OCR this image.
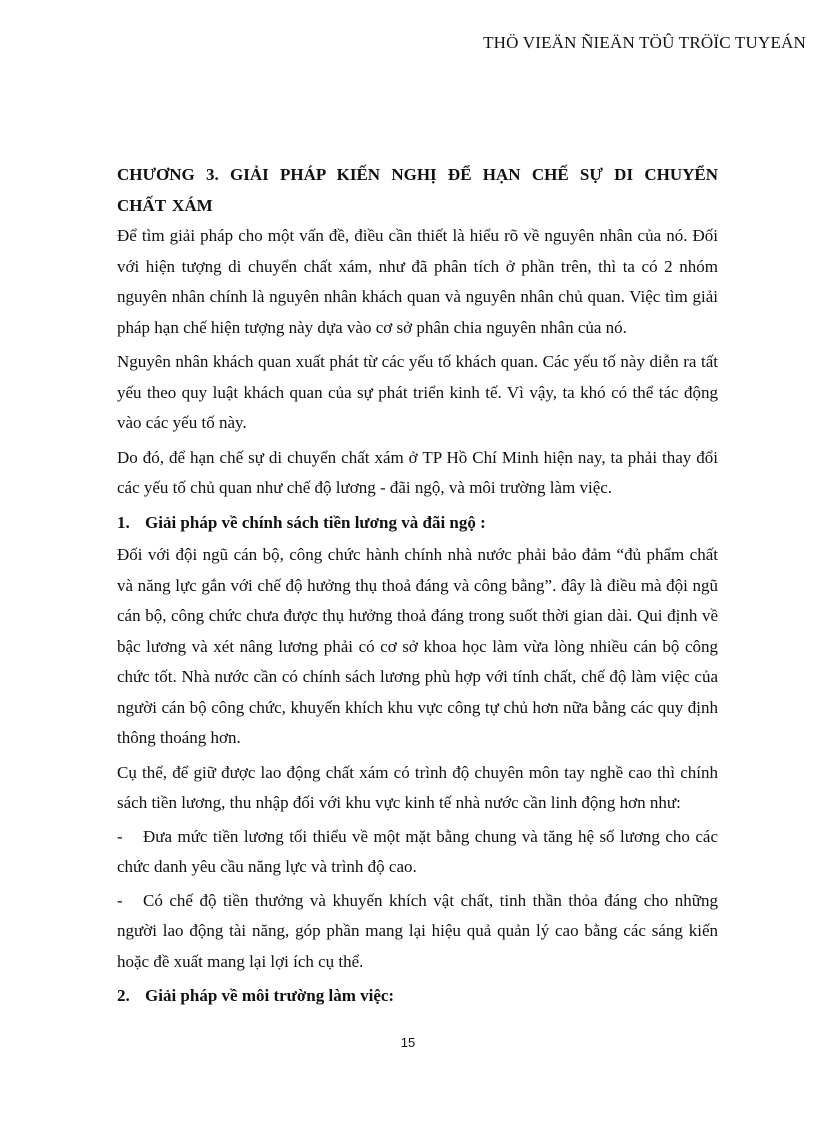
THÖ VIEÄN ÑIEÄN TÖÛ TRÖÏC TUYEÁN

CHƯƠNG 3. GIẢI PHÁP KIẾN NGHỊ ĐỂ HẠN CHẾ SỰ DI CHUYỂN CHẤT XÁM

Để tìm giải pháp cho một vấn đề, điều cần thiết là hiểu rõ về nguyên nhân của nó. Đối với hiện tượng di chuyển chất xám, như đã phân tích ở phần trên, thì ta có 2 nhóm nguyên nhân chính là nguyên nhân khách quan và nguyên nhân chủ quan. Việc tìm giải pháp hạn chế hiện tượng này dựa vào cơ sở phân chia nguyên nhân của nó.

Nguyên nhân khách quan xuất phát từ các yếu tố khách quan. Các yếu tố này diễn ra tất yếu theo quy luật khách quan của sự phát triển kinh tế. Vì vậy, ta khó có thể tác động vào các yếu tố này.

Do đó, để hạn chế sự di chuyển chất xám ở TP Hồ Chí Minh hiện nay, ta phải thay đổi các yếu tố chủ quan như chế độ lương - đãi ngộ, và môi trường làm việc.

1. Giải pháp về chính sách tiền lương và đãi ngộ :

Đối với đội ngũ cán bộ, công chức hành chính nhà nước phải bảo đảm “đủ phẩm chất và năng lực gắn với chế độ hưởng thụ thoả đáng và công bằng”. đây là điều mà đội ngũ cán bộ, công chức chưa được thụ hưởng thoả đáng trong suốt thời gian dài. Qui định về bậc lương và xét nâng lương phải có cơ sở khoa học làm vừa lòng nhiều cán bộ công chức tốt. Nhà nước cần có chính sách lương phù hợp với tính chất, chế độ làm việc của người cán bộ công chức, khuyến khích khu vực công tự chủ hơn nữa bằng các quy định thông thoáng hơn.

Cụ thể, để giữ được lao động chất xám có trình độ chuyên môn tay nghề cao thì chính sách tiền lương, thu nhập đối với khu vực kinh tế nhà nước cần linh động hơn như:

- Đưa mức tiền lương tối thiểu về một mặt bằng chung và tăng hệ số lương cho các chức danh yêu cầu năng lực và trình độ cao.

- Có chế độ tiền thưởng và khuyến khích vật chất, tinh thần thỏa đáng cho những người lao động tài năng, góp phần mang lại hiệu quả quản lý cao bằng các sáng kiến hoặc đề xuất mang lại lợi ích cụ thể.

2. Giải pháp về môi trường làm việc:
15
